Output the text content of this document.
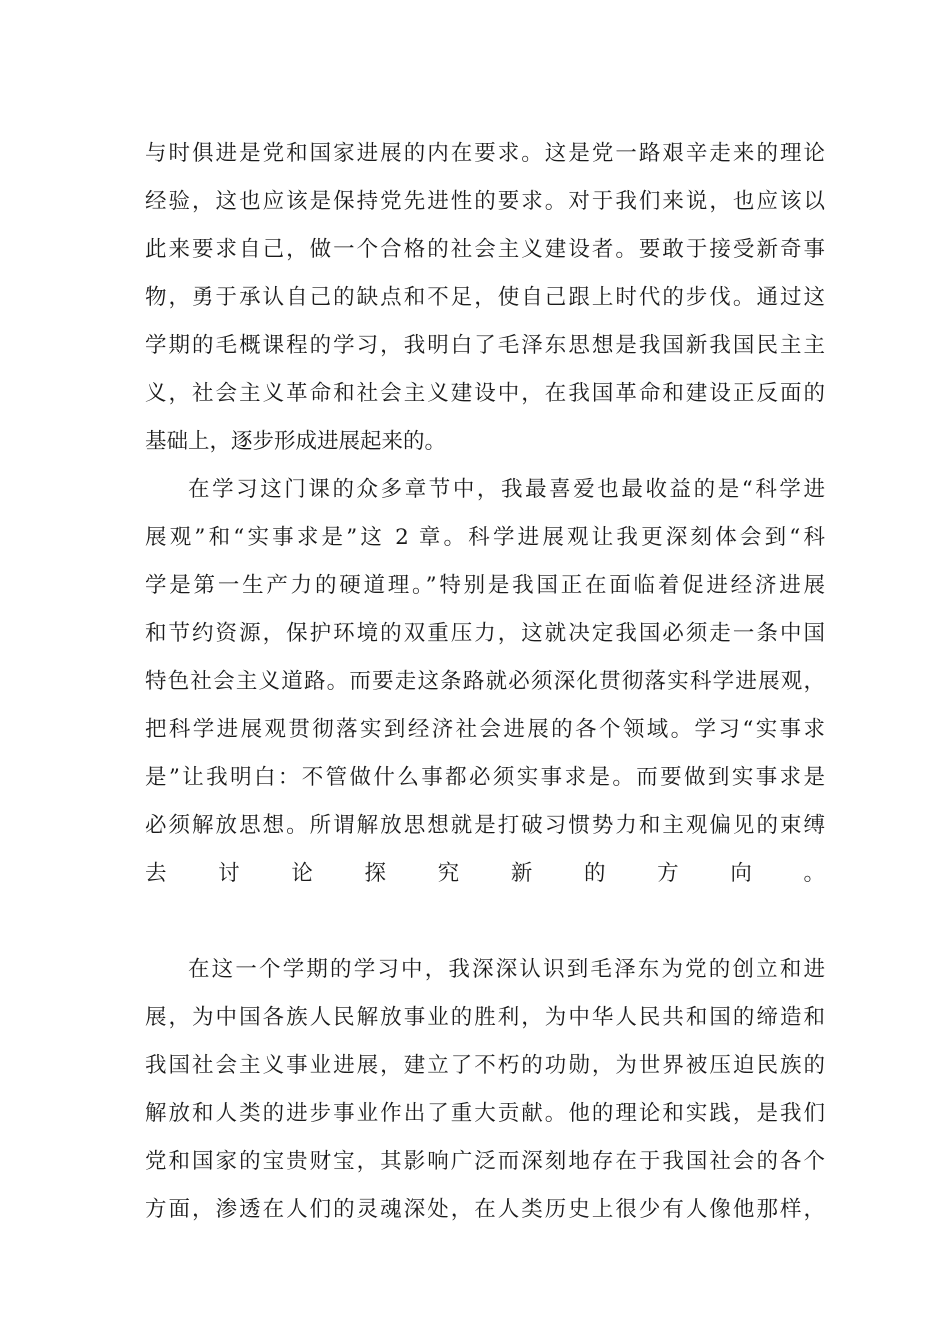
与时俱进是党和国家进展的内在要求。这是党一路艰辛走来的理论
经验，这也应该是保持党先进性的要求。对于我们来说，也应该以
此来要求自己，做一个合格的社会主义建设者。要敢于接受新奇事
物，勇于承认自己的缺点和不足，使自己跟上时代的步伐。通过这
学期的毛概课程的学习，我明白了毛泽东思想是我国新我国民主主
义，社会主义革命和社会主义建设中，在我国革命和建设正反面的
基础上，逐步形成进展起来的。
在学习这门课的众多章节中，我最喜爱也最收益的是“科学进
展观”和“实事求是”这 2 章。科学进展观让我更深刻体会到“科
学是第一生产力的硬道理。”特别是我国正在面临着促进经济进展
和节约资源，保护环境的双重压力，这就决定我国必须走一条中国
特色社会主义道路。而要走这条路就必须深化贯彻落实科学进展观，
把科学进展观贯彻落实到经济社会进展的各个领域。学习“实事求
是”让我明白：不管做什么事都必须实事求是。而要做到实事求是
必须解放思想。所谓解放思想就是打破习惯势力和主观偏见的束缚
去讨论探究新的方向。
在这一个学期的学习中，我深深认识到毛泽东为党的创立和进
展，为中国各族人民解放事业的胜利，为中华人民共和国的缔造和
我国社会主义事业进展，建立了不朽的功勋，为世界被压迫民族的
解放和人类的进步事业作出了重大贡献。他的理论和实践，是我们
党和国家的宝贵财宝，其影响广泛而深刻地存在于我国社会的各个
方面，渗透在人们的灵魂深处，在人类历史上很少有人像他那样，
